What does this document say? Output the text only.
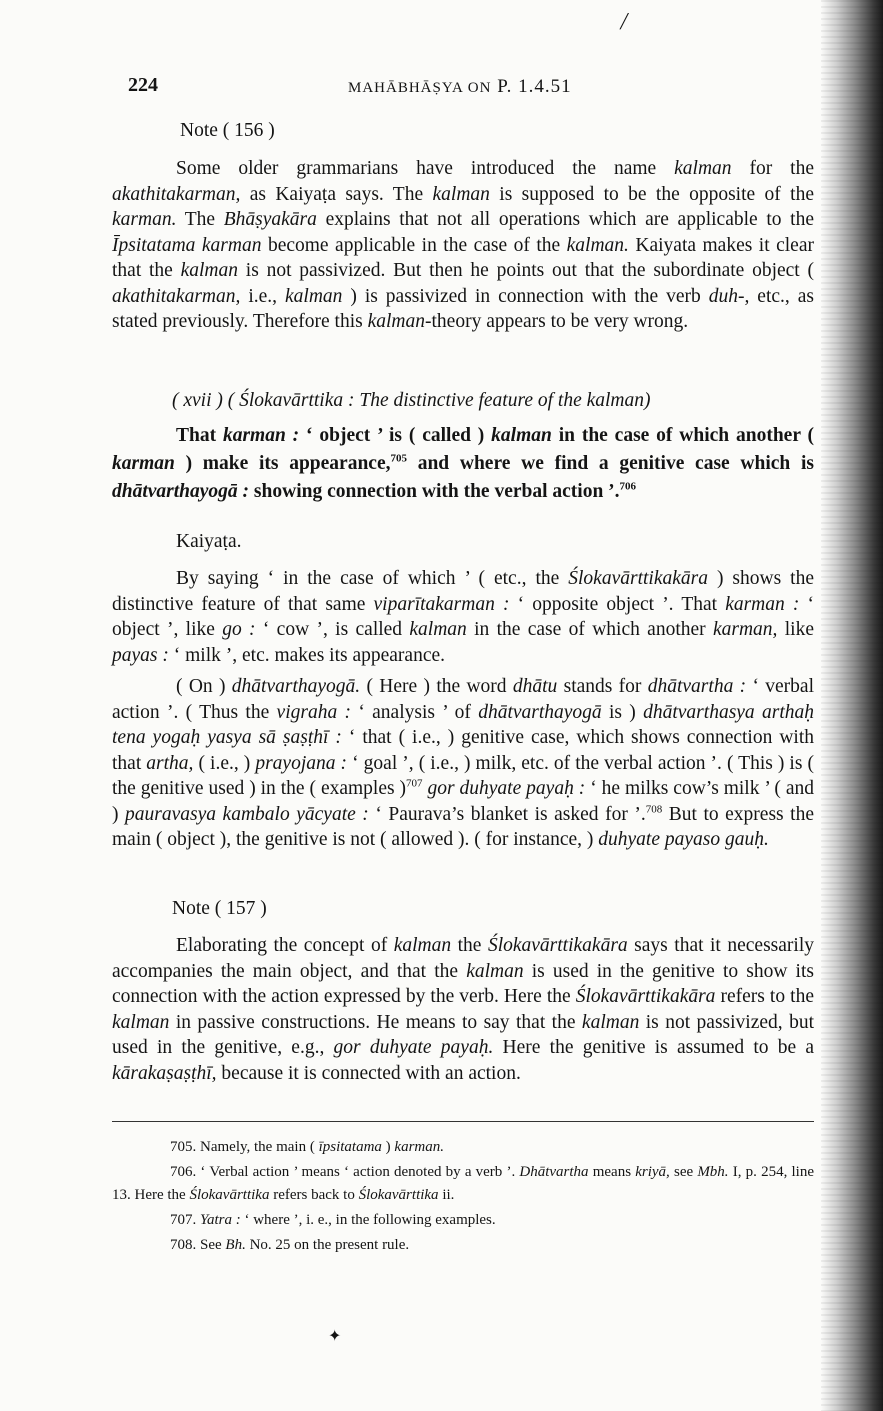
224	MAHĀBHĀṢYA ON P. 1.4.51
Note ( 156 )

Some older grammarians have introduced the name kalman for the akathitakarman, as Kaiyaṭa says. The kalman is supposed to be the opposite of the karman. The Bhāṣyakāra explains that not all operations which are applicable to the Īpsitatama karman become applicable in the case of the kalman. Kaiyata makes it clear that the kalman is not passivized. But then he points out that the subordinate object ( akathitakarman, i.e., kalman ) is passivized in connection with the verb duh-, etc., as stated previously. Therefore this kalman-theory appears to be very wrong.

( xvii ) ( Ślokavārttika : The distinctive feature of the kalman)

That karman : ‘ object ’ is ( called ) kalman in the case of which another ( karman ) make its appearance,$^{705}$ and where we find a genitive case which is dhātvarthayogā : showing connection with the verbal action ’.$^{706}$

Kaiyaṭa.

By saying ‘ in the case of which ’ ( etc., the Ślokavārttikakāra ) shows the distinctive feature of that same viparītakarman : ‘ opposite object ’. That karman : ‘ object ’, like go : ‘ cow ’, is called kalman in the case of which another karman, like payas : ‘ milk ’, etc. makes its appearance.

( On ) dhātvarthayogā. ( Here ) the word dhātu stands for dhātvartha : ‘ verbal action ’. ( Thus the vigraha : ‘ analysis ’ of dhātvarthayogā is ) dhātvarthasya arthaḥ tena yogaḥ yasya sā ṣaṣṭhī : ‘ that ( i.e., ) genitive case, which shows connection with that artha, ( i.e., ) prayojana : ‘ goal ’, ( i.e., ) milk, etc. of the verbal action ’. ( This ) is ( the genitive used ) in the ( examples )$^{707}$ gor duhyate payaḥ : ‘ he milks cow’s milk ’ ( and ) pauravasya kambalo yācyate : ‘ Paurava’s blanket is asked for ’.$^{708}$ But to express the main ( object ), the genitive is not ( allowed ). ( for instance, ) duhyate payaso gauḥ.

Note ( 157 )

Elaborating the concept of kalman the Ślokavārttikakāra says that it necessarily accompanies the main object, and that the kalman is used in the genitive to show its connection with the action expressed by the verb. Here the Ślokavārttikakāra refers to the kalman in passive constructions. He means to say that the kalman is not passivized, but used in the genitive, e.g., gor duhyate payaḥ. Here the genitive is assumed to be a kārakaṣaṣṭhī, because it is connected with an action.

705. Namely, the main ( īpsitatama ) karman.

706. ‘ Verbal action ’ means ‘ action denoted by a verb ’. Dhātvartha means kriyā, see Mbh. I, p. 254, line 13. Here the Ślokavārttika refers back to Ślokavārttika ii.

707. Yatra : ‘ where ’, i. e., in the following examples.

708. See Bh. No. 25 on the present rule.

✦
╱
